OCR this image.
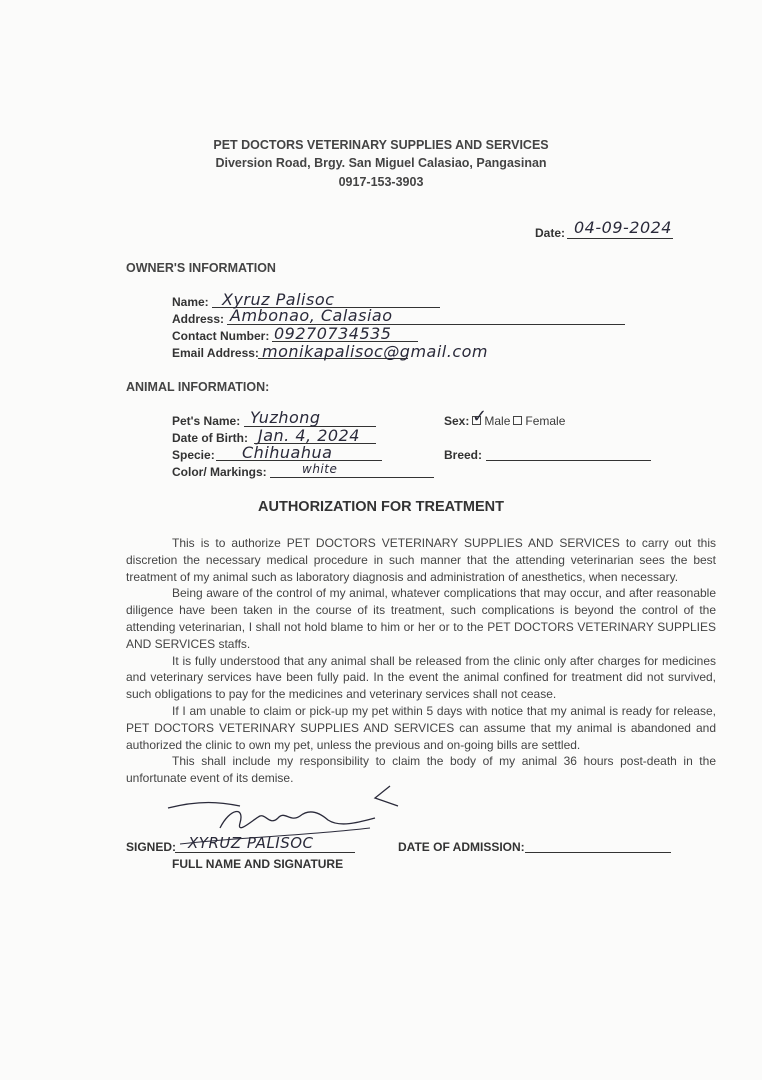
PET DOCTORS VETERINARY SUPPLIES AND SERVICES
Diversion Road, Brgy. San Miguel Calasiao, Pangasinan
0917-153-3903
Date: 04-09-2024
OWNER'S INFORMATION
Name: Xyruz Palisoc
Address: Ambonao, Calasiao
Contact Number: 09270734535
Email Address: monikapalisoc@gmail.com
ANIMAL INFORMATION:
Pet's Name: Yuzhong
Date of Birth: Jan. 4, 2024
Specie: Chihuahua
Color/ Markings:	white
Sex: Male Female
✓
Breed:
AUTHORIZATION FOR TREATMENT

This is to authorize PET DOCTORS VETERINARY SUPPLIES AND SERVICES to carry out this discretion the necessary medical procedure in such manner that the attending veterinarian sees the best treatment of my animal such as laboratory diagnosis and administration of anesthetics, when necessary.

Being aware of the control of my animal, whatever complications that may occur, and after reasonable diligence have been taken in the course of its treatment, such complications is beyond the control of the attending veterinarian, I shall not hold blame to him or her or to the PET DOCTORS VETERINARY SUPPLIES AND SERVICES staffs.

It is fully understood that any animal shall be released from the clinic only after charges for medicines and veterinary services have been fully paid. In the event the animal confined for treatment did not survived, such obligations to pay for the medicines and veterinary services shall not cease.

If I am unable to claim or pick-up my pet within 5 days with notice that my animal is ready for release, PET DOCTORS VETERINARY SUPPLIES AND SERVICES can assume that my animal is abandoned and authorized the clinic to own my pet, unless the previous and on-going bills are settled.

This shall include my responsibility to claim the body of my animal 36 hours post-death in the unfortunate event of its demise.

SIGNED: XYRUZ PALISOC
FULL NAME AND SIGNATURE
DATE OF ADMISSION:
